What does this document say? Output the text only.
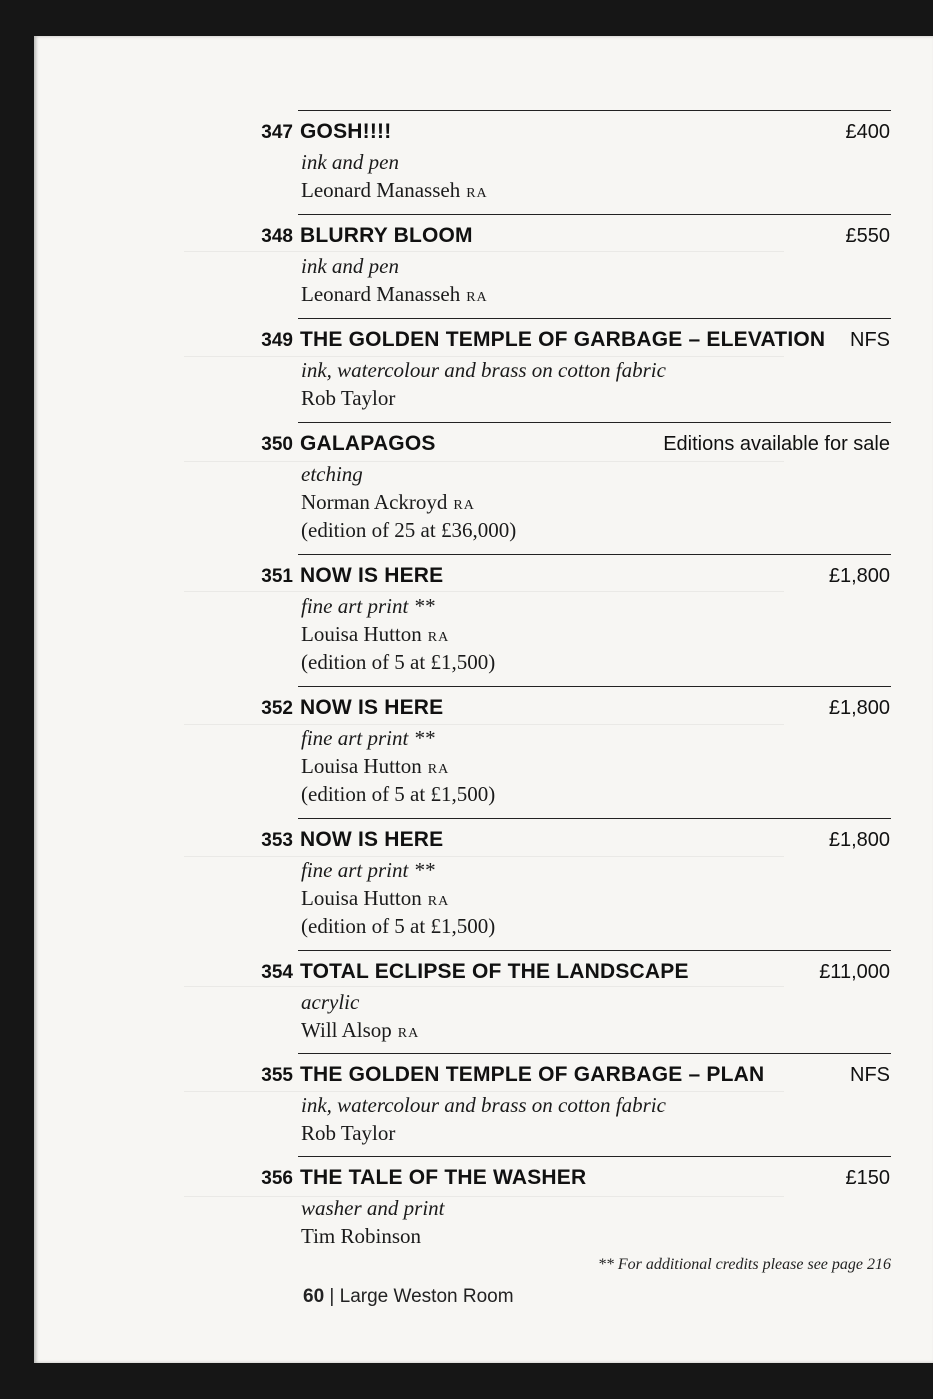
347 GOSH!!!!	£400
ink and pen
Leonard Manasseh RA
348 BLURRY BLOOM	£550
ink and pen
Leonard Manasseh RA
349 THE GOLDEN TEMPLE OF GARBAGE – ELEVATION NFS
ink, watercolour and brass on cotton fabric
Rob Taylor
350 GALAPAGOS	Editions available for sale
etching
Norman Ackroyd RA
(edition of 25 at £36,000)
351 NOW IS HERE	£1,800
fine art print **
Louisa Hutton RA
(edition of 5 at £1,500)
352 NOW IS HERE	£1,800
fine art print **
Louisa Hutton RA
(edition of 5 at £1,500)
353 NOW IS HERE	£1,800
fine art print **
Louisa Hutton RA
(edition of 5 at £1,500)
354 TOTAL ECLIPSE OF THE LANDSCAPE	£11,000
acrylic
Will Alsop RA
355 THE GOLDEN TEMPLE OF GARBAGE – PLAN	NFS
ink, watercolour and brass on cotton fabric
Rob Taylor
356 THE TALE OF THE WASHER	£150
washer and print
Tim Robinson
** For additional credits please see page 216
60 | Large Weston Room
